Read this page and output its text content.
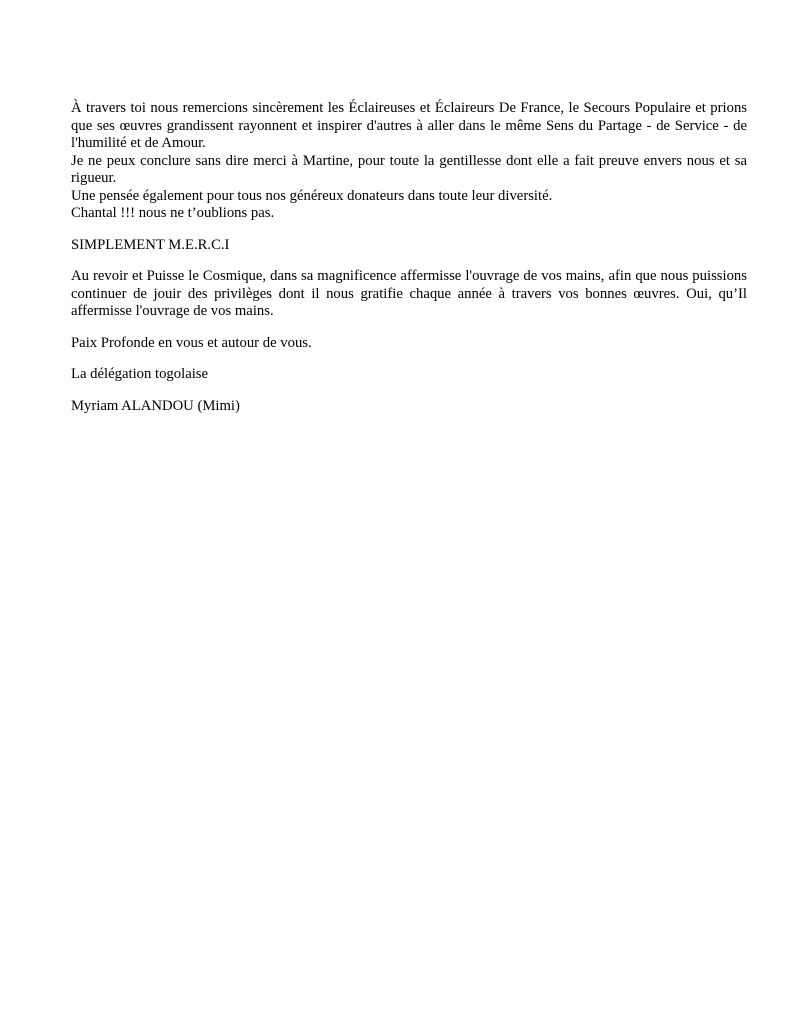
À travers toi nous remercions sincèrement les Éclaireuses et Éclaireurs De France, le Secours Populaire et prions
que ses œuvres grandissent rayonnent et inspirer d'autres à aller dans le même Sens du Partage - de Service - de
l'humilité et de Amour.
Je ne peux conclure sans dire merci à Martine, pour toute la gentillesse dont elle a fait preuve envers nous et sa
rigueur.
Une pensée également pour tous nos généreux donateurs dans toute leur diversité.
Chantal !!! nous ne t’oublions pas.
SIMPLEMENT M.E.R.C.I
Au revoir et Puisse le Cosmique, dans sa magnificence affermisse l'ouvrage de vos mains, afin que nous puissions
continuer de jouir des privilèges dont il nous gratifie chaque année à travers vos bonnes œuvres. Oui, qu’Il
affermisse l'ouvrage de vos mains.
Paix Profonde en vous et autour de vous.
La délégation togolaise
Myriam ALANDOU (Mimi)
